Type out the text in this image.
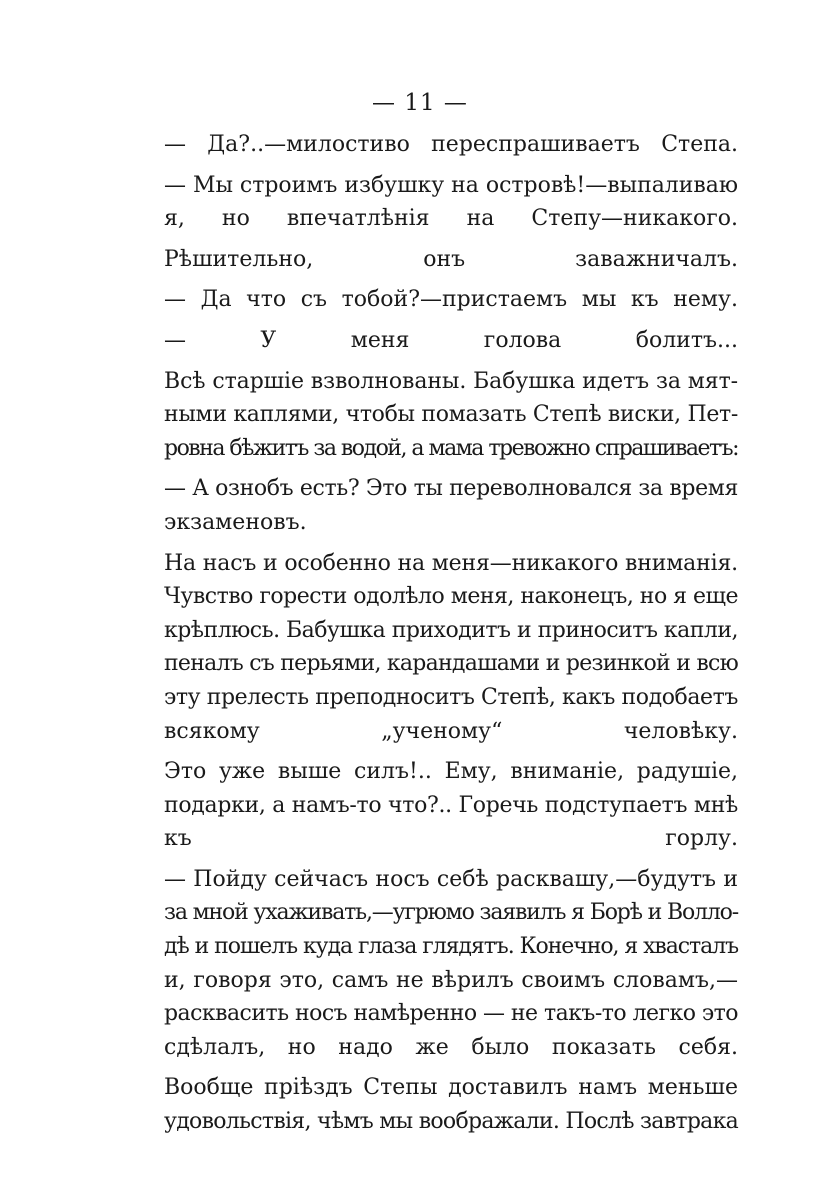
— 11 —

— Да?..—милостиво переспрашиваетъ Степа.

— Мы строимъ избушку на островѣ!—выпаливаю
я, но впечатлѣнія на Степу—никакого.

Рѣшительно, онъ заважничалъ.

— Да что съ тобой?—пристаемъ мы къ нему.

— У меня голова болитъ...

Всѣ старшіе взволнованы. Бабушка идетъ за мят-
ными каплями, чтобы помазать Степѣ виски, Пет-
ровна бѣжитъ за водой, а мама тревожно спрашиваетъ:

— А ознобъ есть? Это ты переволновался за время
экзаменовъ.

На насъ и особенно на меня—никакого вниманія.
Чувство горести одолѣло меня, наконецъ, но я еще
крѣплюсь. Бабушка приходитъ и приноситъ капли,
пеналъ съ перьями, карандашами и резинкой и всю
эту прелесть преподноситъ Степѣ, какъ подобаетъ
всякому „ученому“ человѣку.

Это уже выше силъ!.. Ему, вниманіе, радушіе,
подарки, а намъ-то что?.. Горечь подступаетъ мнѣ
къ горлу.

— Пойду сейчасъ носъ себѣ расквашу,—будутъ и
за мной ухаживать,—угрюмо заявилъ я Борѣ и Волло-
дѣ и пошелъ куда глаза глядятъ. Конечно, я хвасталъ
и, говоря это, самъ не вѣрилъ своимъ словамъ,—
расквасить носъ намѣренно — не такъ-то легко это
сдѣлалъ, но надо же было показать себя.

Вообще пріѣздъ Степы доставилъ намъ меньше
удовольствія, чѣмъ мы воображали. Послѣ завтрака
